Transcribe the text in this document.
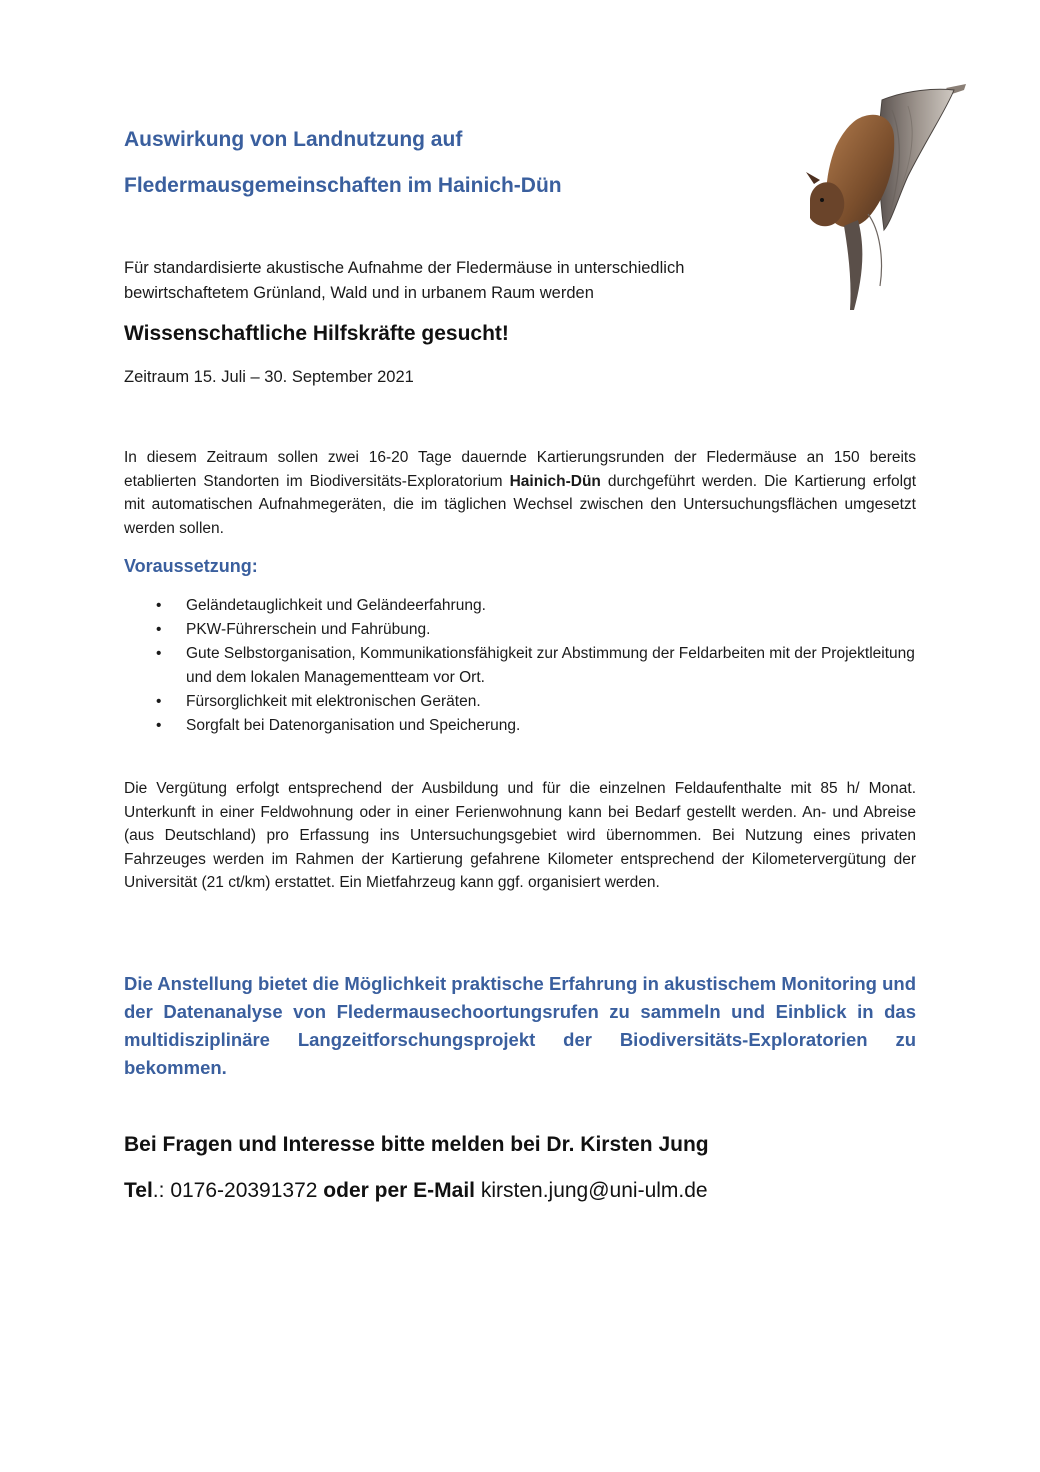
Auswirkung von Landnutzung auf
Fledermausgemeinschaften im Hainich-Dün

Für standardisierte akustische Aufnahme der Fledermäuse in unterschiedlich
bewirtschaftetem Grünland, Wald und in urbanem Raum werden

Wissenschaftliche Hilfskräfte gesucht!

Zeitraum 15. Juli – 30. September 2021

In diesem Zeitraum sollen zwei 16-20 Tage dauernde Kartierungsrunden der Fledermäuse an 150 bereits etablierten Standorten im Biodiversitäts-Exploratorium Hainich-Dün durchgeführt werden. Die Kartierung erfolgt mit automatischen Aufnahmegeräten, die im täglichen Wechsel zwischen den Untersuchungsflächen umgesetzt werden sollen.

Voraussetzung:
• Geländetauglichkeit und Geländeerfahrung.
• PKW-Führerschein und Fahrübung.
• Gute Selbstorganisation, Kommunikationsfähigkeit zur Abstimmung der Feldarbeiten mit der Projektleitung und dem lokalen Managementteam vor Ort.
• Fürsorglichkeit mit elektronischen Geräten.
• Sorgfalt bei Datenorganisation und Speicherung.

Die Vergütung erfolgt entsprechend der Ausbildung und für die einzelnen Feldaufenthalte mit 85 h/ Monat. Unterkunft in einer Feldwohnung oder in einer Ferienwohnung kann bei Bedarf gestellt werden. An- und Abreise (aus Deutschland) pro Erfassung ins Untersuchungsgebiet wird übernommen. Bei Nutzung eines privaten Fahrzeuges werden im Rahmen der Kartierung gefahrene Kilometer entsprechend der Kilometervergütung der Universität (21 ct/km) erstattet. Ein Mietfahrzeug kann ggf. organisiert werden.

Die Anstellung bietet die Möglichkeit praktische Erfahrung in akustischem Monitoring und der Datenanalyse von Fledermausechoortungsrufen zu sammeln und Einblick in das multidisziplinäre Langzeitforschungsprojekt der Biodiversitäts-Exploratorien zu bekommen.

Bei Fragen und Interesse bitte melden bei Dr. Kirsten Jung

Tel.: 0176-20391372 oder per E-Mail kirsten.jung@uni-ulm.de
